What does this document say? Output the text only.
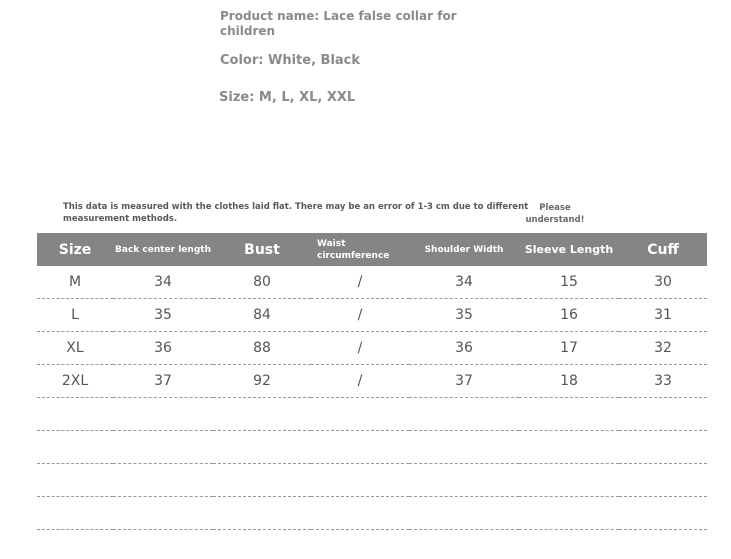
Product name: Lace false collar for children
Color: White, Black
Size: M, L, XL, XXL
This data is measured with the clothes laid flat. There may be an error of 1-3 cm due to different measurement methods.
Please understand!
Size	Back center length	Bust	Waist circumference	Shoulder Width	Sleeve Length	Cuff
M	34	80	/	34	15	30
L	35	84	/	35	16	31
XL	36	88	/	36	17	32
2XL	37	92	/	37	18	33
